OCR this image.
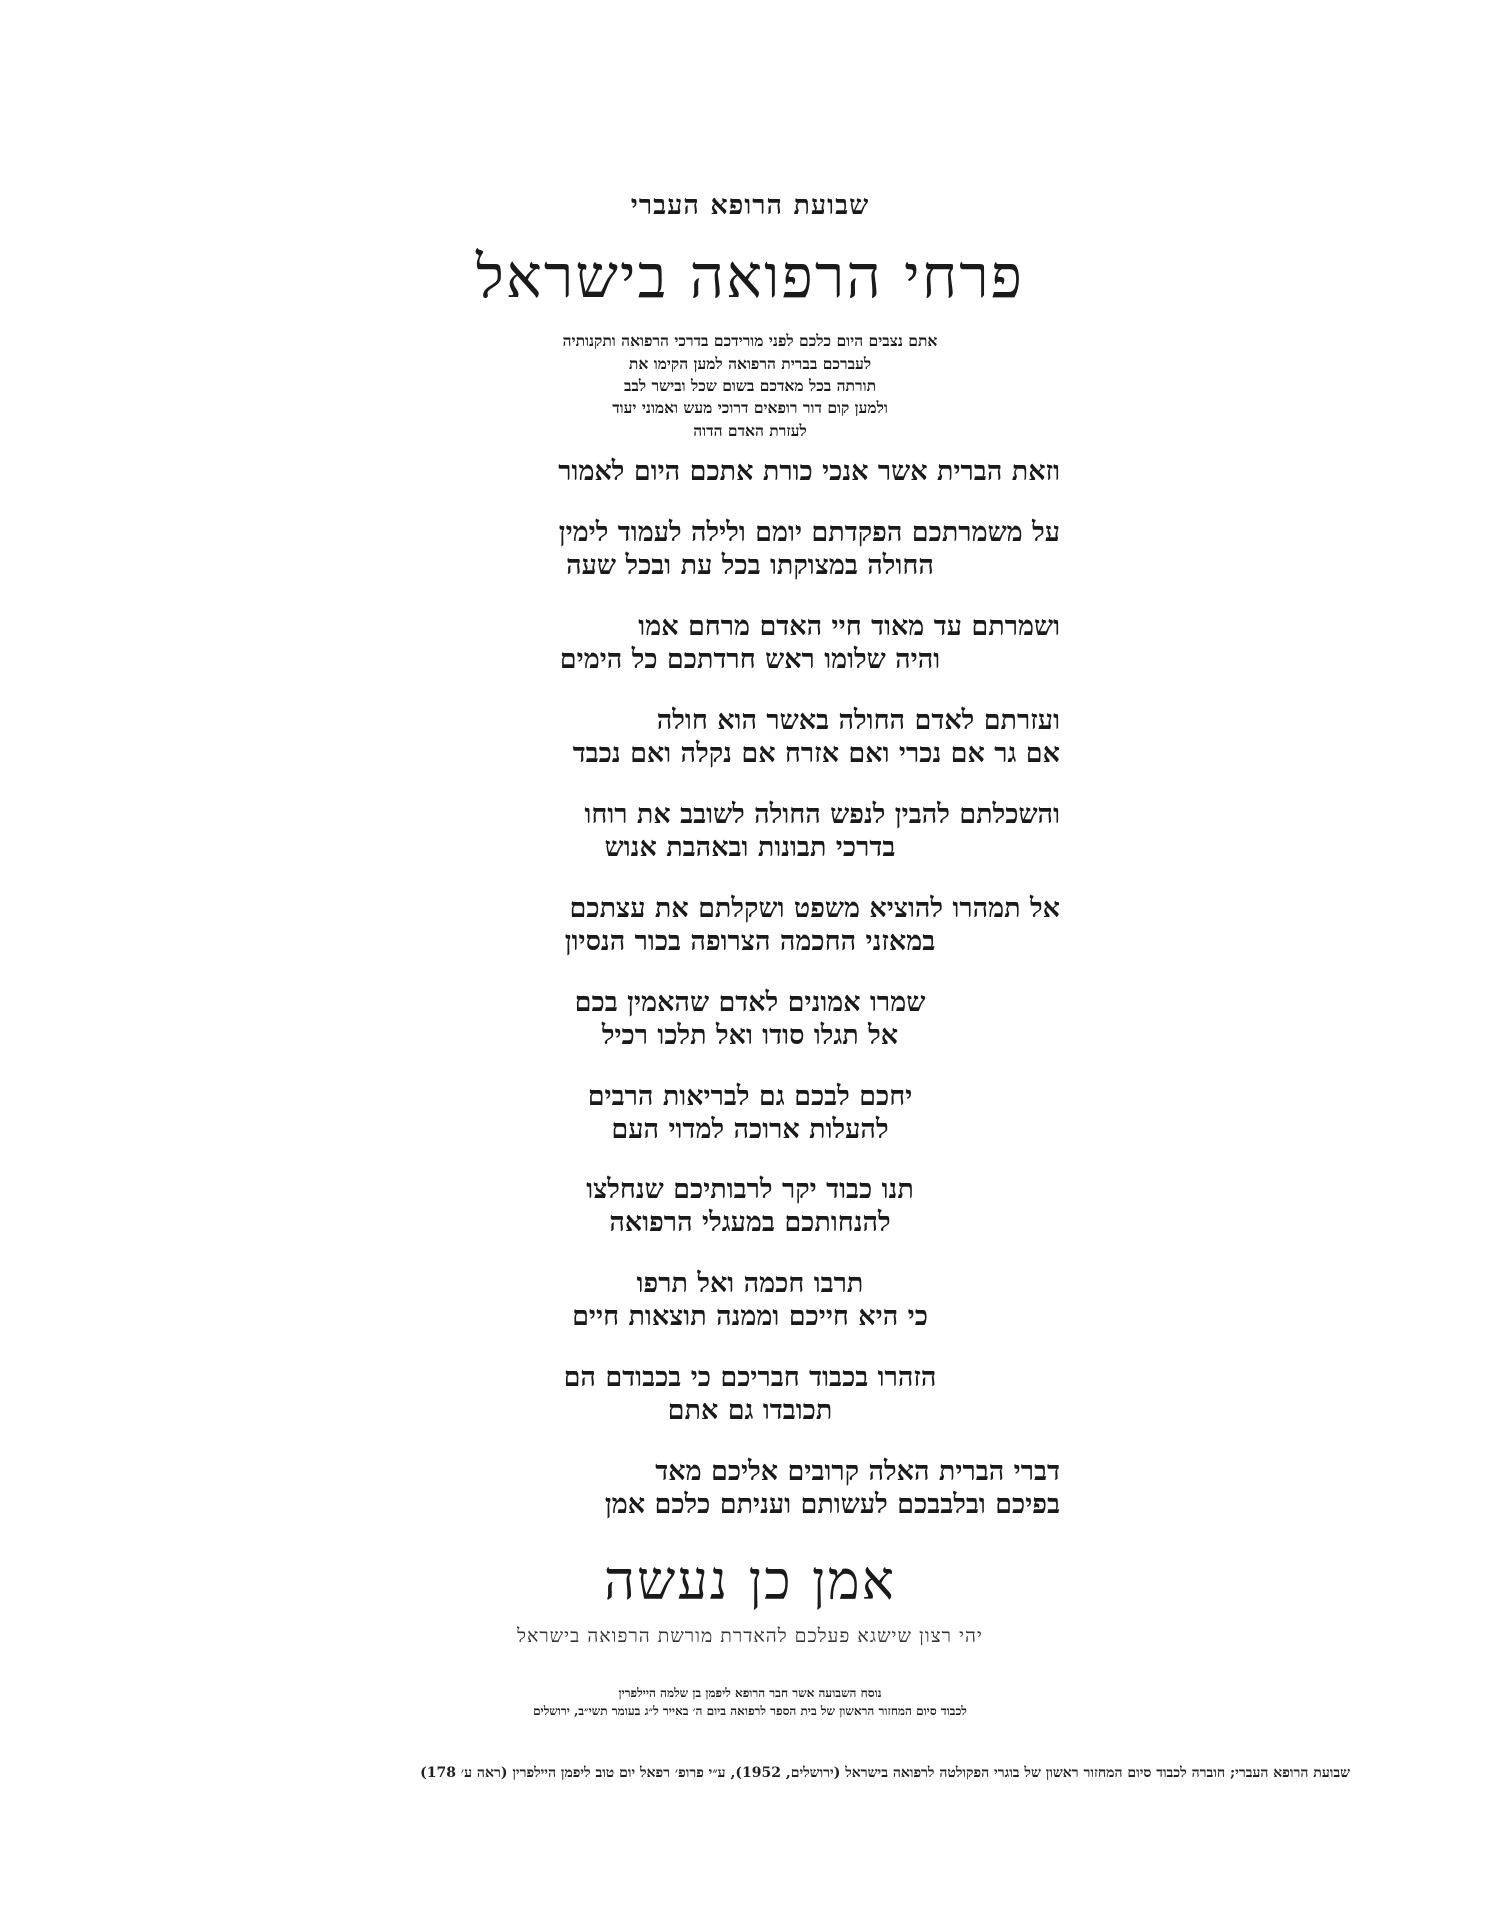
שבועת הרופא העברי
פרחי הרפואה בישראל
אתם נצבים היום כלכם לפני מורידכם בדרכי הרפואה ותקנותיה
לעברכם בברית הרפואה למען הקימו את
תורתה בכל מאדכם בשום שכל ובישר לבב
ולמען קום דור רופאים דרוכי מעש ואמוני יעוד
לעזרת האדם הדוה
וזאת הברית אשר אנכי כורת אתכם היום לאמור
על משמרתכם הפקדתם יומם ולילה לעמוד לימין
החולה במצוקתו בכל עת ובכל שעה
ושמרתם עד מאוד חיי האדם מרחם אמו
והיה שלומו ראש חרדתכם כל הימים
ועזרתם לאדם החולה באשר הוא חולה
אם גר אם נכרי ואם אזרח אם נקלה ואם נכבד
והשכלתם להבין לנפש החולה לשובב את רוחו
בדרכי תבונות ובאהבת אנוש
אל תמהרו להוציא משפט ושקלתם את עצתכם
במאזני החכמה הצרופה בכור הנסיון
שמרו אמונים לאדם שהאמין בכם
אל תגלו סודו ואל תלכו רכיל
יחכם לבכם גם לבריאות הרבים
להעלות ארוכה למדוי העם
תנו כבוד יקר לרבותיכם שנחלצו
להנחותכם במעגלי הרפואה
תרבו חכמה ואל תרפו
כי היא חייכם וממנה תוצאות חיים
הזהרו בכבוד חבריכם כי בכבודם הם
תכובדו גם אתם
דברי הברית האלה קרובים אליכם מאד
בפיכם ובלבבכם לעשותם ועניתם כלכם אמן
אמן כן נעשה
יהי רצון שישגא פעלכם להאדרת מורשת הרפואה בישראל
נוסח השבועה אשר חבר הרופא ליפמן בן שלמה היילפרין
לכבוד סיום המחזור הראשון של בית הספר לרפואה ביום ה׳ באייר ל״ג בעומר תשי״ב, ירושלים
שבועת הרופא העברי; חוברה לכבוד סיום המחזור ראשון של בוגרי הפקולטה לרפואה בישראל (ירושלים, 1952), ע״י פרופ׳ רפאל יום טוב ליפמן היילפרין (ראה ע׳ 178)
